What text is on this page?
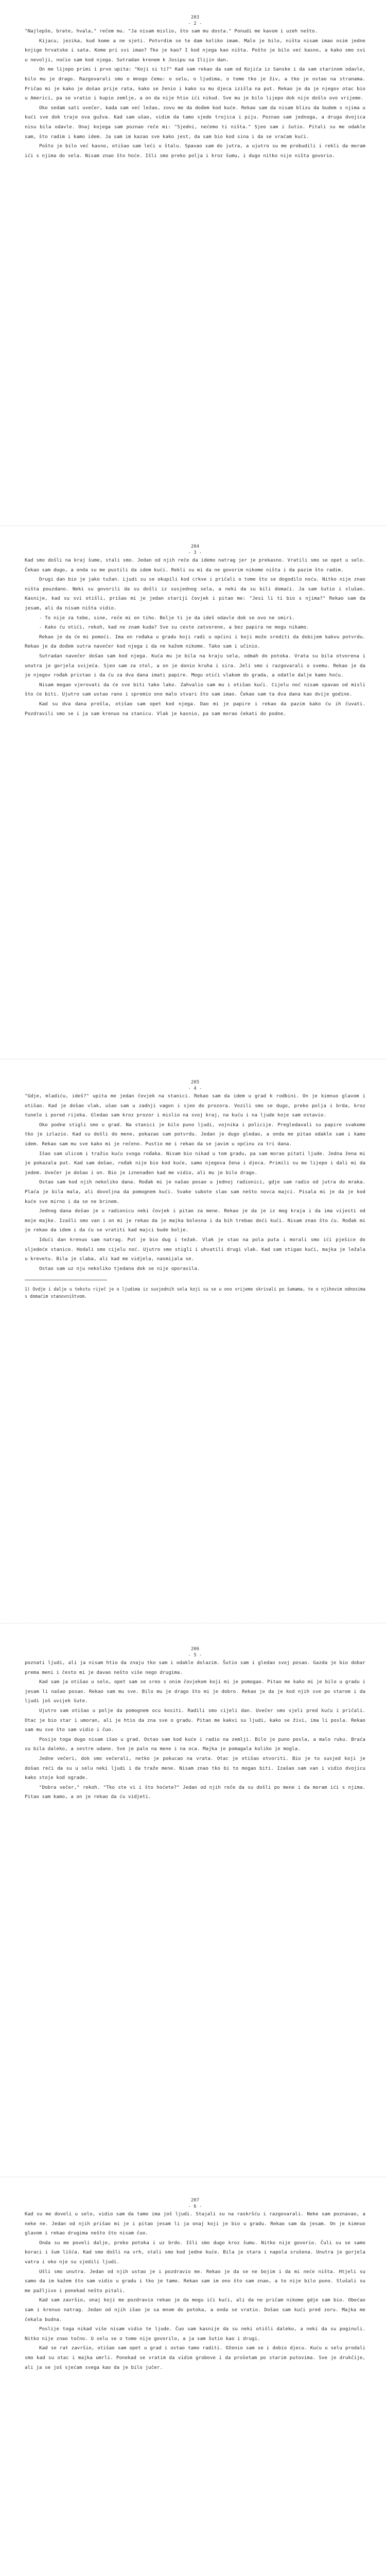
203
- 2 -

"Najlepše, brate, hvala," rečem mu. "Ja nisam mislio, što sam mu dosta." Ponudi me kavom i uzeh nešto.

Kijacu, jezika, kud kome a ne sjeti. Potvrdim se te dam koliko imam. Malo je bilo, ništa nisam imao osim jedne knjige hrvatske i sata. Kome pri svi imao? Tko je kao? I kod njega kao ništa. Pošto je bilo već kasno, a kako smo svi u nevolji, noćio sam kod njega. Sutradan krenem k Josipu na Ilijin dan.

On me lijepo primi i prvo upita: "Koji si ti?" Kad sam rekao da sam od Kojića iz Sanske i da sam starinom odavle, bilo mu je drago. Razgovarali smo o mnogo čemu: o selu, o ljudima, o tome tko je živ, a tko je ostao na stranama. Pričao mi je kako je došao prije rata, kako se ženio i kako su mu djeca izišla na put. Rekao je da je njegov otac bio u Americi, pa se vratio i kupio zemlje, a on da nije htio ići nikud. Sve mu je bilo lijepo dok nije došlo ovo vrijeme.

Oko sedam sati uvečer, kada sam već ležao, zovu me da dođem kod kuće. Rekao sam da nisam blizu da budem s njima u kući sve dok traje ova gužva. Kad sam ušao, vidim da tamo sjede trojica i piju. Poznao sam jednoga, a druga dvojica nisu bila odavle. Onaj kojega sam poznao reče mi: "Sjedni, nećemo ti ništa." Sjeo sam i šutio. Pitali su me odakle sam, što radim i kamo idem. Ja sam im kazao sve kako jest, da sam bio kod sina i da se vraćam kući.

Pošto je bilo već kasno, otišao sam leći u štalu. Spavao sam do jutra, a ujutro su me probudili i rekli da moram ići s njima do sela. Nisam znao što hoće. Išli smo preko polja i kroz šumu, i dugo nitko nije ništa govorio.

204
- 3 -

Kad smo došli na kraj šume, stali smo. Jedan od njih reče da idemo natrag jer je prekasno. Vratili smo se opet u selo. Čekao sam dugo, a onda su me pustili da idem kući. Rekli su mi da ne govorim nikome ništa i da pazim što radim.

Drugi dan bio je jako tužan. Ljudi su se okupili kod crkve i pričali o tome što se dogodilo noću. Nitko nije znao ništa pouzdano. Neki su govorili da su došli iz susjednog sela, a neki da su bili domaći. Ja sam šutio i slušao. Kasnije, kad su svi otišli, prišao mi je jedan stariji čovjek i pitao me: "Jesi li ti bio s njima?" Rekao sam da jesam, ali da nisam ništa vidio.

- To nije za tebe, sine, reče mi on tiho. Bolje ti je da ideš odavle dok se ovo ne smiri.

- Kako ću otići, rekoh, kad ne znam kuda? Sve su ceste zatvorene, a bez papira ne mogu nikamo.

Rekao je da će mi pomoći. Ima on rođaka u gradu koji radi u općini i koji može srediti da dobijem kakvu potvrdu. Rekao je da dođem sutra navečer kod njega i da ne kažem nikome. Tako sam i učinio.

Sutradan navečer došao sam kod njega. Kuća mu je bila na kraju sela, odmah do potoka. Vrata su bila otvorena i unutra je gorjela svijeća. Sjeo sam za stol, a on je donio kruha i sira. Jeli smo i razgovarali o svemu. Rekao je da je njegov rođak pristao i da ću za dva dana imati papire. Mogu otići vlakom do grada, a odatle dalje kamo hoću.

Nisam mogao vjerovati da će sve biti tako lako. Zahvalio sam mu i otišao kući. Cijelu noć nisam spavao od misli što će biti. Ujutro sam ustao rano i spremio ono malo stvari što sam imao. Čekao sam ta dva dana kao dvije godine.

Kad su dva dana prošla, otišao sam opet kod njega. Dao mi je papire i rekao da pazim kako ću ih čuvati. Pozdravili smo se i ja sam krenuo na stanicu. Vlak je kasnio, pa sam morao čekati do podne.

205
- 4 -

"Gdje, mladiću, ideš?" upita me jedan čovjek na stanici. Rekao sam da idem u grad k rodbini. On je kimnuo glavom i otišao. Kad je došao vlak, ušao sam u zadnji vagon i sjeo do prozora. Vozili smo se dugo, preko polja i brda, kroz tunele i pored rijeka. Gledao sam kroz prozor i mislio na svoj kraj, na kuću i na ljude koje sam ostavio.

Oko podne stigli smo u grad. Na stanici je bilo puno ljudi, vojnika i policije. Pregledavali su papire svakome tko je izlazio. Kad su došli do mene, pokazao sam potvrdu. Jedan je dugo gledao, a onda me pitao odakle sam i kamo idem. Rekao sam mu sve kako mi je rečeno. Pustio me i rekao da se javim u općinu za tri dana.

Išao sam ulicom i tražio kuću svoga rođaka. Nisam bio nikad u tom gradu, pa sam morao pitati ljude. Jedna žena mi je pokazala put. Kad sam došao, rođak nije bio kod kuće, samo njegova žena i djeca. Primili su me lijepo i dali mi da jedem. Uvečer je došao i on. Bio je iznenađen kad me vidio, ali mu je bilo drago.

Ostao sam kod njih nekoliko dana. Rođak mi je našao posao u jednoj radionici, gdje sam radio od jutra do mraka. Plaća je bila mala, ali dovoljna da pomognem kući. Svake subote slao sam nešto novca majci. Pisala mi je da je kod kuće sve mirno i da se ne brinem.

Jednog dana došao je u radionicu neki čovjek i pitao za mene. Rekao je da je iz mog kraja i da ima vijesti od moje majke. Izašli smo van i on mi je rekao da je majka bolesna i da bih trebao doći kući. Nisam znao što ću. Rođak mi je rekao da idem i da ću se vratiti kad majci bude bolje.

Idući dan krenuo sam natrag. Put je bio dug i težak. Vlak je stao na pola puta i morali smo ići pješice do sljedeće stanice. Hodali smo cijelu noć. Ujutro smo stigli i uhvatili drugi vlak. Kad sam stigao kući, majka je ležala u krevetu. Bila je slaba, ali kad me vidjela, nasmijala se.

Ostao sam uz nju nekoliko tjedana dok se nije oporavila.

1) Ovdje i dalje u tekstu riječ je o ljudima iz susjednih sela koji su se u ono vrijeme skrivali po šumama, te o njihovim odnosima s domaćim stanovništvom.

206
- 5 -

poznati ljudi, ali ja nisam htio da znaju tko sam i odakle dolazim. Šutio sam i gledao svoj posao. Gazda je bio dobar prema meni i često mi je davao nešto više nego drugima.

Kad sam ja otišao u selo, opet sam se sreo s onim čovjekom koji mi je pomogao. Pitao me kako mi je bilo u gradu i jesam li našao posao. Rekao sam mu sve. Bilo mu je drago što mi je dobro. Rekao je da je kod njih sve po starom i da ljudi još uvijek šute.

Ujutro sam otišao u polje da pomognem ocu kositi. Radili smo cijeli dan. Uvečer smo sjeli pred kuću i pričali. Otac je bio star i umoran, ali je htio da zna sve o gradu. Pitao me kakvi su ljudi, kako se živi, ima li posla. Rekao sam mu sve što sam vidio i čuo.

Posije toga dugo nisam išao u grad. Ostao sam kod kuće i radio na zemlji. Bilo je puno posla, a malo ruku. Braća su bila daleko, a sestre udane. Sve je palo na mene i na oca. Majka je pomagala koliko je mogla.

Jedne večeri, dok smo večerali, netko je pokucao na vrata. Otac je otišao otvoriti. Bio je to susjed koji je došao reći da su u selu neki ljudi i da traže mene. Nisam znao tko bi to mogao biti. Izašao sam van i vidio dvojicu kako stoje kod ograde.

"Dobra večer," rekoh. "Tko ste vi i što hoćete?" Jedan od njih reče da su došli po mene i da moram ići s njima. Pitao sam kamo, a on je rekao da ću vidjeti.

207
- 6 -

Kad su me doveli u selo, vidio sam da tamo ima još ljudi. Stajali su na raskršću i razgovarali. Neke sam poznavao, a neke ne. Jedan od njih prišao mi je i pitao jesam li ja onaj koji je bio u gradu. Rekao sam da jesam. On je kimnuo glavom i rekao drugima nešto što nisam čuo.

Onda su me poveli dalje, preko potoka i uz brdo. Išli smo dugo kroz šumu. Nitko nije govorio. Čuli su se samo koraci i šum lišća. Kad smo došli na vrh, stali smo kod jedne kuće. Bila je stara i napola srušena. Unutra je gorjela vatra i oko nje su sjedili ljudi.

Ušli smo unutra. Jedan od njih ustao je i pozdravio me. Rekao je da se ne bojim i da mi neće ništa. Htjeli su samo da im kažem što sam vidio u gradu i tko je tamo. Rekao sam im ono što sam znao, a to nije bilo puno. Slušali su me pažljivo i ponekad nešto pitali.

Kad sam završio, onaj koji me pozdravio rekao je da mogu ići kući, ali da ne pričam nikome gdje sam bio. Obećao sam i krenuo natrag. Jedan od njih išao je sa mnom do potoka, a onda se vratio. Došao sam kući pred zoru. Majka me čekala budna.

Poslije toga nikad više nisam vidio te ljude. Čuo sam kasnije da su neki otišli daleko, a neki da su poginuli. Nitko nije znao točno. U selu se o tome nije govorilo, a ja sam šutio kao i drugi.

Kad se rat završio, otišao sam opet u grad i ostao tamo raditi. Oženio sam se i dobio djecu. Kuću u selu prodali smo kad su otac i majka umrli. Ponekad se vratim da vidim grobove i da prošetam po starim putovima. Sve je drukčije, ali ja se još sjećam svega kao da je bilo jučer.
